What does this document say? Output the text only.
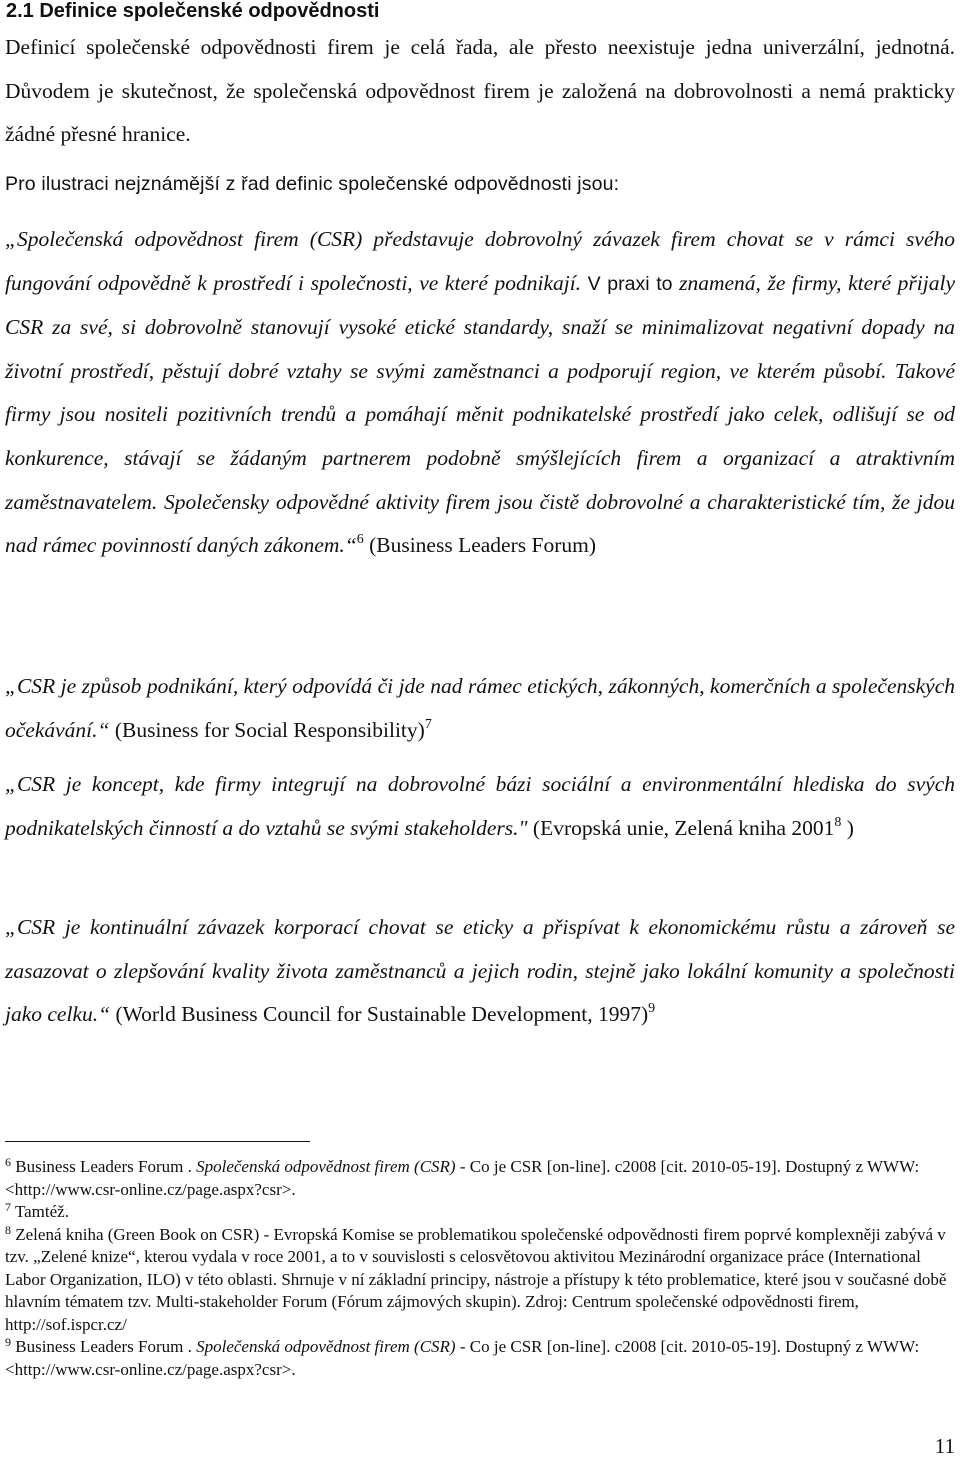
2.1 Definice společenské odpovědnosti

Definicí společenské odpovědnosti firem je celá řada, ale přesto neexistuje jedna univerzální, jednotná. Důvodem je skutečnost, že společenská odpovědnost firem je založená na dobrovolnosti a nemá prakticky žádné přesné hranice.

Pro ilustraci nejznámější z řad definic společenské odpovědnosti jsou:

„Společenská odpovědnost firem (CSR) představuje dobrovolný závazek firem chovat se v rámci svého fungování odpovědně k prostředí i společnosti, ve které podnikají. V praxi to znamená, že firmy, které přijaly CSR za své, si dobrovolně stanovují vysoké etické standardy, snaží se minimalizovat negativní dopady na životní prostředí, pěstují dobré vztahy se svými zaměstnanci a podporují region, ve kterém působí. Takové firmy jsou nositeli pozitivních trendů a pomáhají měnit podnikatelské prostředí jako celek, odlišují se od konkurence, stávají se žádaným partnerem podobně smýšlejících firem a organizací a atraktivním zaměstnavatelem. Společensky odpovědné aktivity firem jsou čistě dobrovolné a charakteristické tím, že jdou nad rámec povinností daných zákonem.“$^6$ (Business Leaders Forum)

„CSR je způsob podnikání, který odpovídá či jde nad rámec etických, zákonných, komerčních a společenských očekávání.“ (Business for Social Responsibility)$^7$

„CSR je koncept, kde firmy integrují na dobrovolné bázi sociální a environmentální hlediska do svých podnikatelských činností a do vztahů se svými stakeholders." (Evropská unie, Zelená kniha 2001$^8$ )

„CSR je kontinuální závazek korporací chovat se eticky a přispívat k ekonomickému růstu a zároveň se zasazovat o zlepšování kvality života zaměstnanců a jejich rodin, stejně jako lokální komunity a společnosti jako celku.“ (World Business Council for Sustainable Development, 1997)$^9$

$^6$ Business Leaders Forum . Společenská odpovědnost firem (CSR) - Co je CSR [on-line]. c2008 [cit. 2010-05-19]. Dostupný z WWW: <http://www.csr-online.cz/page.aspx?csr>.

$^7$ Tamtéž.

$^8$ Zelená kniha (Green Book on CSR) - Evropská Komise se problematikou společenské odpovědnosti firem poprvé komplexněji zabývá v tzv. „Zelené knize“, kterou vydala v roce 2001, a to v souvislosti s celosvětovou aktivitou Mezinárodní organizace práce (International Labor Organization, ILO) v této oblasti. Shrnuje v ní základní principy, nástroje a přístupy k této problematice, které jsou v současné době hlavním tématem tzv. Multi-stakeholder Forum (Fórum zájmových skupin). Zdroj: Centrum společenské odpovědnosti firem, http://sof.ispcr.cz/

$^9$ Business Leaders Forum . Společenská odpovědnost firem (CSR) - Co je CSR [on-line]. c2008 [cit. 2010-05-19]. Dostupný z WWW: <http://www.csr-online.cz/page.aspx?csr>.

11
